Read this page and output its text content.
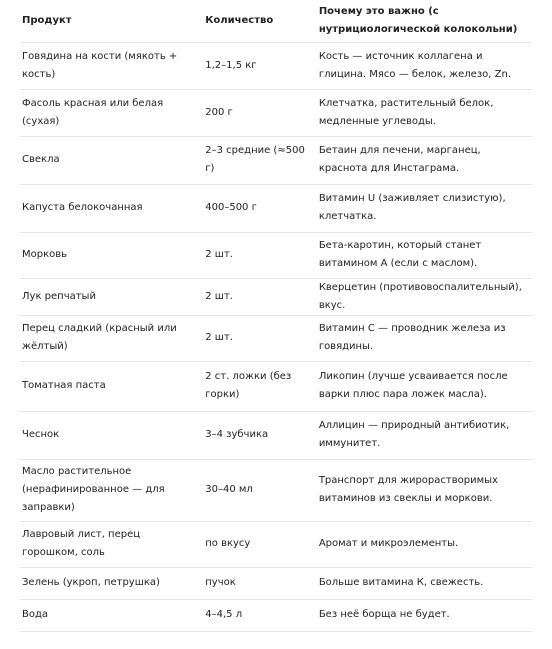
Продукт	Количество	Почему это важно (с нутрициологической колокольни)

Говядина на кости (мякоть + кость)	1,2–1,5 кг	Кость — источник коллагена и глицина. Мясо — белок, железо, Zn.

Фасоль красная или белая (сухая)	200 г	Клетчатка, растительный белок, медленные углеводы.

Свекла	2–3 средние (≈500 г)	Бетаин для печени, марганец, краснота для Инстаграма.

Капуста белокочанная	400–500 г	Витамин U (заживляет слизистую), клетчатка.

Морковь	2 шт.	Бета-каротин, который станет витамином A (если с маслом).

Лук репчатый	2 шт.	Кверцетин (противовоспалительный), вкус.

Перец сладкий (красный или жёлтый)	2 шт.	Витамин C — проводник железа из говядины.

Томатная паста	2 ст. ложки (без горки)	Ликопин (лучше усваивается после варки плюс пара ложек масла).

Чеснок	3–4 зубчика	Аллицин — природный антибиотик, иммунитет.

Масло растительное (нерафинированное — для заправки)	30–40 мл	Транспорт для жирорастворимых витаминов из свеклы и моркови.

Лавровый лист, перец горошком, соль	по вкусу	Аромат и микроэлементы.

Зелень (укроп, петрушка)	пучок	Больше витамина К, свежесть.

Вода	4–4,5 л	Без неё борща не будет.
